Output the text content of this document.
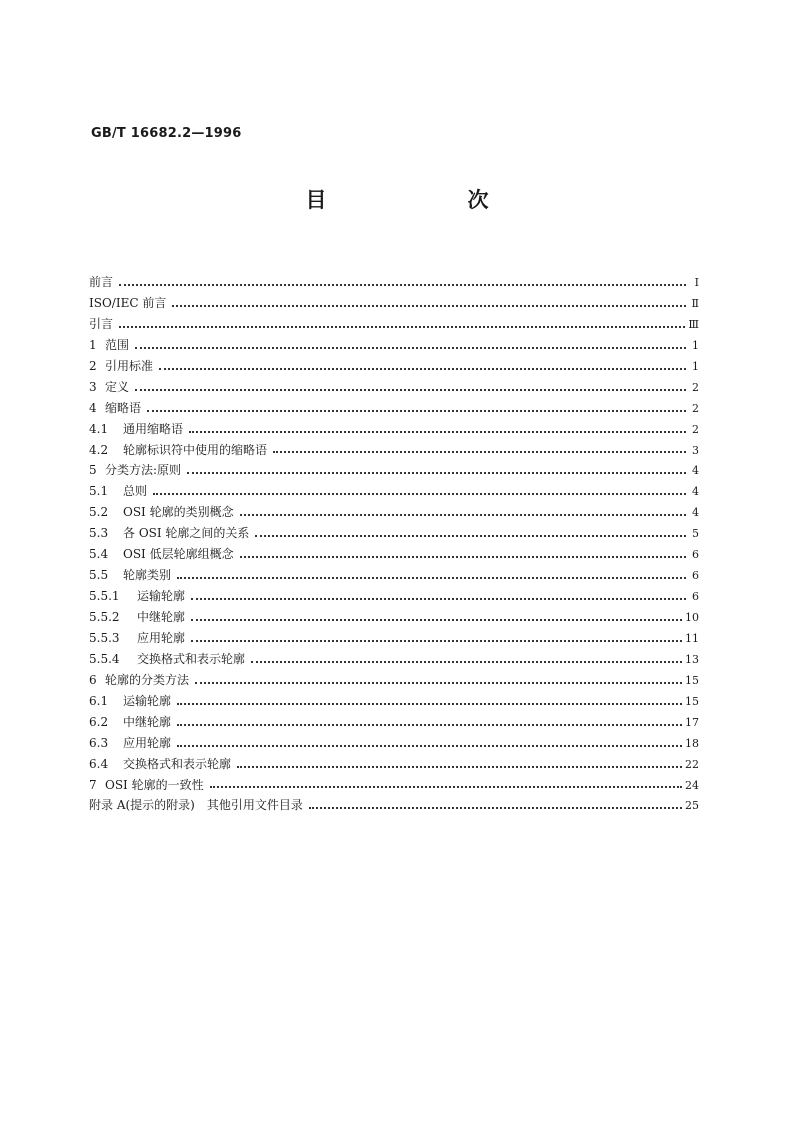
GB/T 16682.2—1996
目　次
前言	Ⅰ
ISO/IEC 前言	Ⅱ
引言	Ⅲ
1 范围	1
2 引用标准	1
3 定义	2
4 缩略语	2
4.1 通用缩略语	2
4.2 轮廓标识符中使用的缩略语	3
5 分类方法:原则	4
5.1 总则	4
5.2 OSI 轮廓的类别概念	4
5.3 各 OSI 轮廓之间的关系	5
5.4 OSI 低层轮廓组概念	6
5.5 轮廓类别	6
5.5.1 运输轮廓	6
5.5.2 中继轮廓	10
5.5.3 应用轮廓	11
5.5.4 交换格式和表示轮廓	13
6 轮廓的分类方法	15
6.1 运输轮廓	15
6.2 中继轮廓	17
6.3 应用轮廓	18
6.4 交换格式和表示轮廓	22
7 OSI 轮廓的一致性	24
附录 A(提示的附录)　其他引用文件目录	25
